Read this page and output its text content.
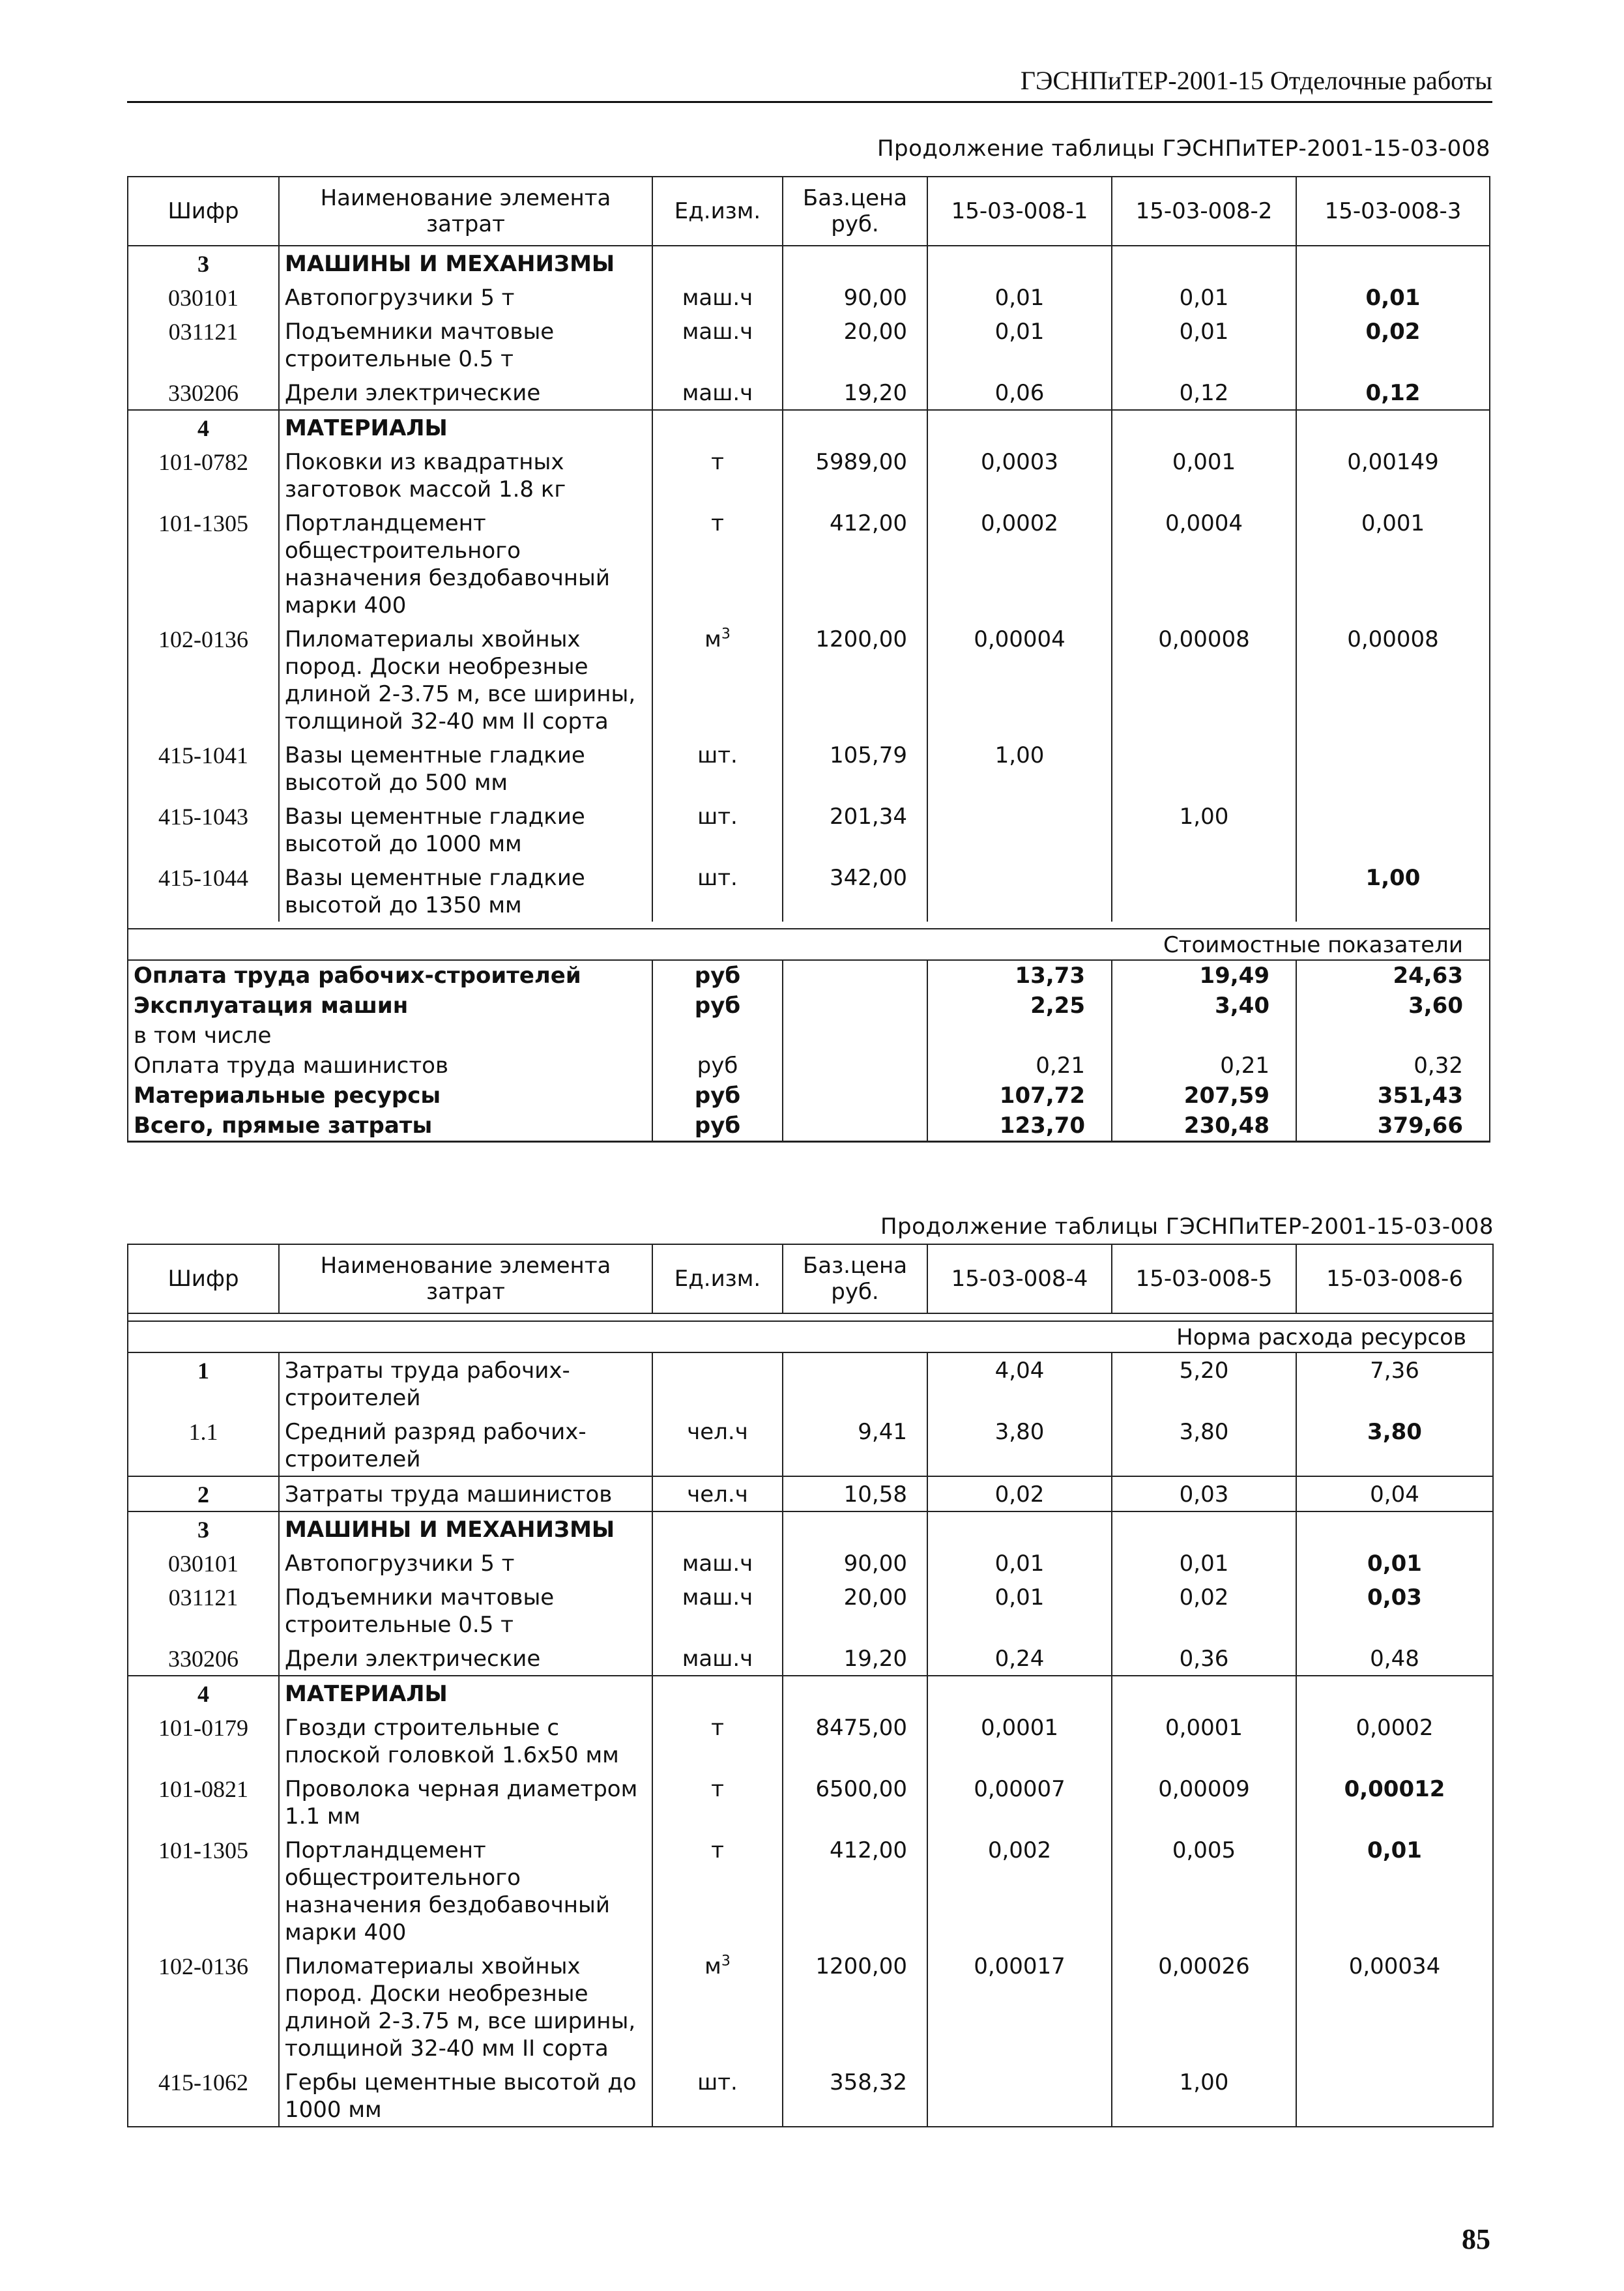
ГЭСНПиТЕР-2001-15 Отделочные работы
Продолжение таблицы ГЭСНПиТЕР-2001-15-03-008
Шифр	Наименование элемента затрат	Ед.изм.	Баз.цена руб.	15-03-008-1	15-03-008-2	15-03-008-3
3	МАШИНЫ И МЕХАНИЗМЫ					
030101	Автопогрузчики 5 т	маш.ч	90,00	0,01	0,01	0,01
031121	Подъемники мачтовые строительные 0.5 т	маш.ч	20,00	0,01	0,01	0,02
330206	Дрели электрические	маш.ч	19,20	0,06	0,12	0,12
4	МАТЕРИАЛЫ					
101-0782	Поковки из квадратных заготовок массой 1.8 кг	т	5989,00	0,0003	0,001	0,00149
101-1305	Портландцемент общестроительного назначения бездобавочный марки 400	т	412,00	0,0002	0,0004	0,001
102-0136	Пиломатериалы хвойных пород. Доски необрезные длиной 2-3.75 м, все ширины, толщиной 32-40 мм II сорта	$м^3$	1200,00	0,00004	0,00008	0,00008
415-1041	Вазы цементные гладкие высотой до 500 мм	шт.	105,79	1,00		
415-1043	Вазы цементные гладкие высотой до 1000 мм	шт.	201,34		1,00	
415-1044	Вазы цементные гладкие высотой до 1350 мм	шт.	342,00			1,00

Стоимостные показатели						
Оплата труда рабочих-строителей		руб		13,73	19,49	24,63
Эксплуатация машин		руб		2,25	3,40	3,60
в том числе						
Оплата труда машинистов		руб		0,21	0,21	0,32
Материальные ресурсы		руб		107,72	207,59	351,43
Всего, прямые затраты		руб		123,70	230,48	379,66
Продолжение таблицы ГЭСНПиТЕР-2001-15-03-008
Шифр	Наименование элемента затрат	Ед.изм.	Баз.цена руб.	15-03-008-4	15-03-008-5	15-03-008-6

Норма расхода ресурсов						
1	Затраты труда рабочих-строителей			4,04	5,20	7,36
1.1	Средний разряд рабочих-строителей	чел.ч	9,41	3,80	3,80	3,80
2	Затраты труда машинистов	чел.ч	10,58	0,02	0,03	0,04
3	МАШИНЫ И МЕХАНИЗМЫ					
030101	Автопогрузчики 5 т	маш.ч	90,00	0,01	0,01	0,01
031121	Подъемники мачтовые строительные 0.5 т	маш.ч	20,00	0,01	0,02	0,03
330206	Дрели электрические	маш.ч	19,20	0,24	0,36	0,48
4	МАТЕРИАЛЫ					
101-0179	Гвозди строительные с плоской головкой 1.6х50 мм	т	8475,00	0,0001	0,0001	0,0002
101-0821	Проволока черная диаметром 1.1 мм	т	6500,00	0,00007	0,00009	0,00012
101-1305	Портландцемент общестроительного назначения бездобавочный марки 400	т	412,00	0,002	0,005	0,01
102-0136	Пиломатериалы хвойных пород. Доски необрезные длиной 2-3.75 м, все ширины, толщиной 32-40 мм II сорта	$м^3$	1200,00	0,00017	0,00026	0,00034
415-1062	Гербы цементные высотой до 1000 мм	шт.	358,32		1,00	
85
